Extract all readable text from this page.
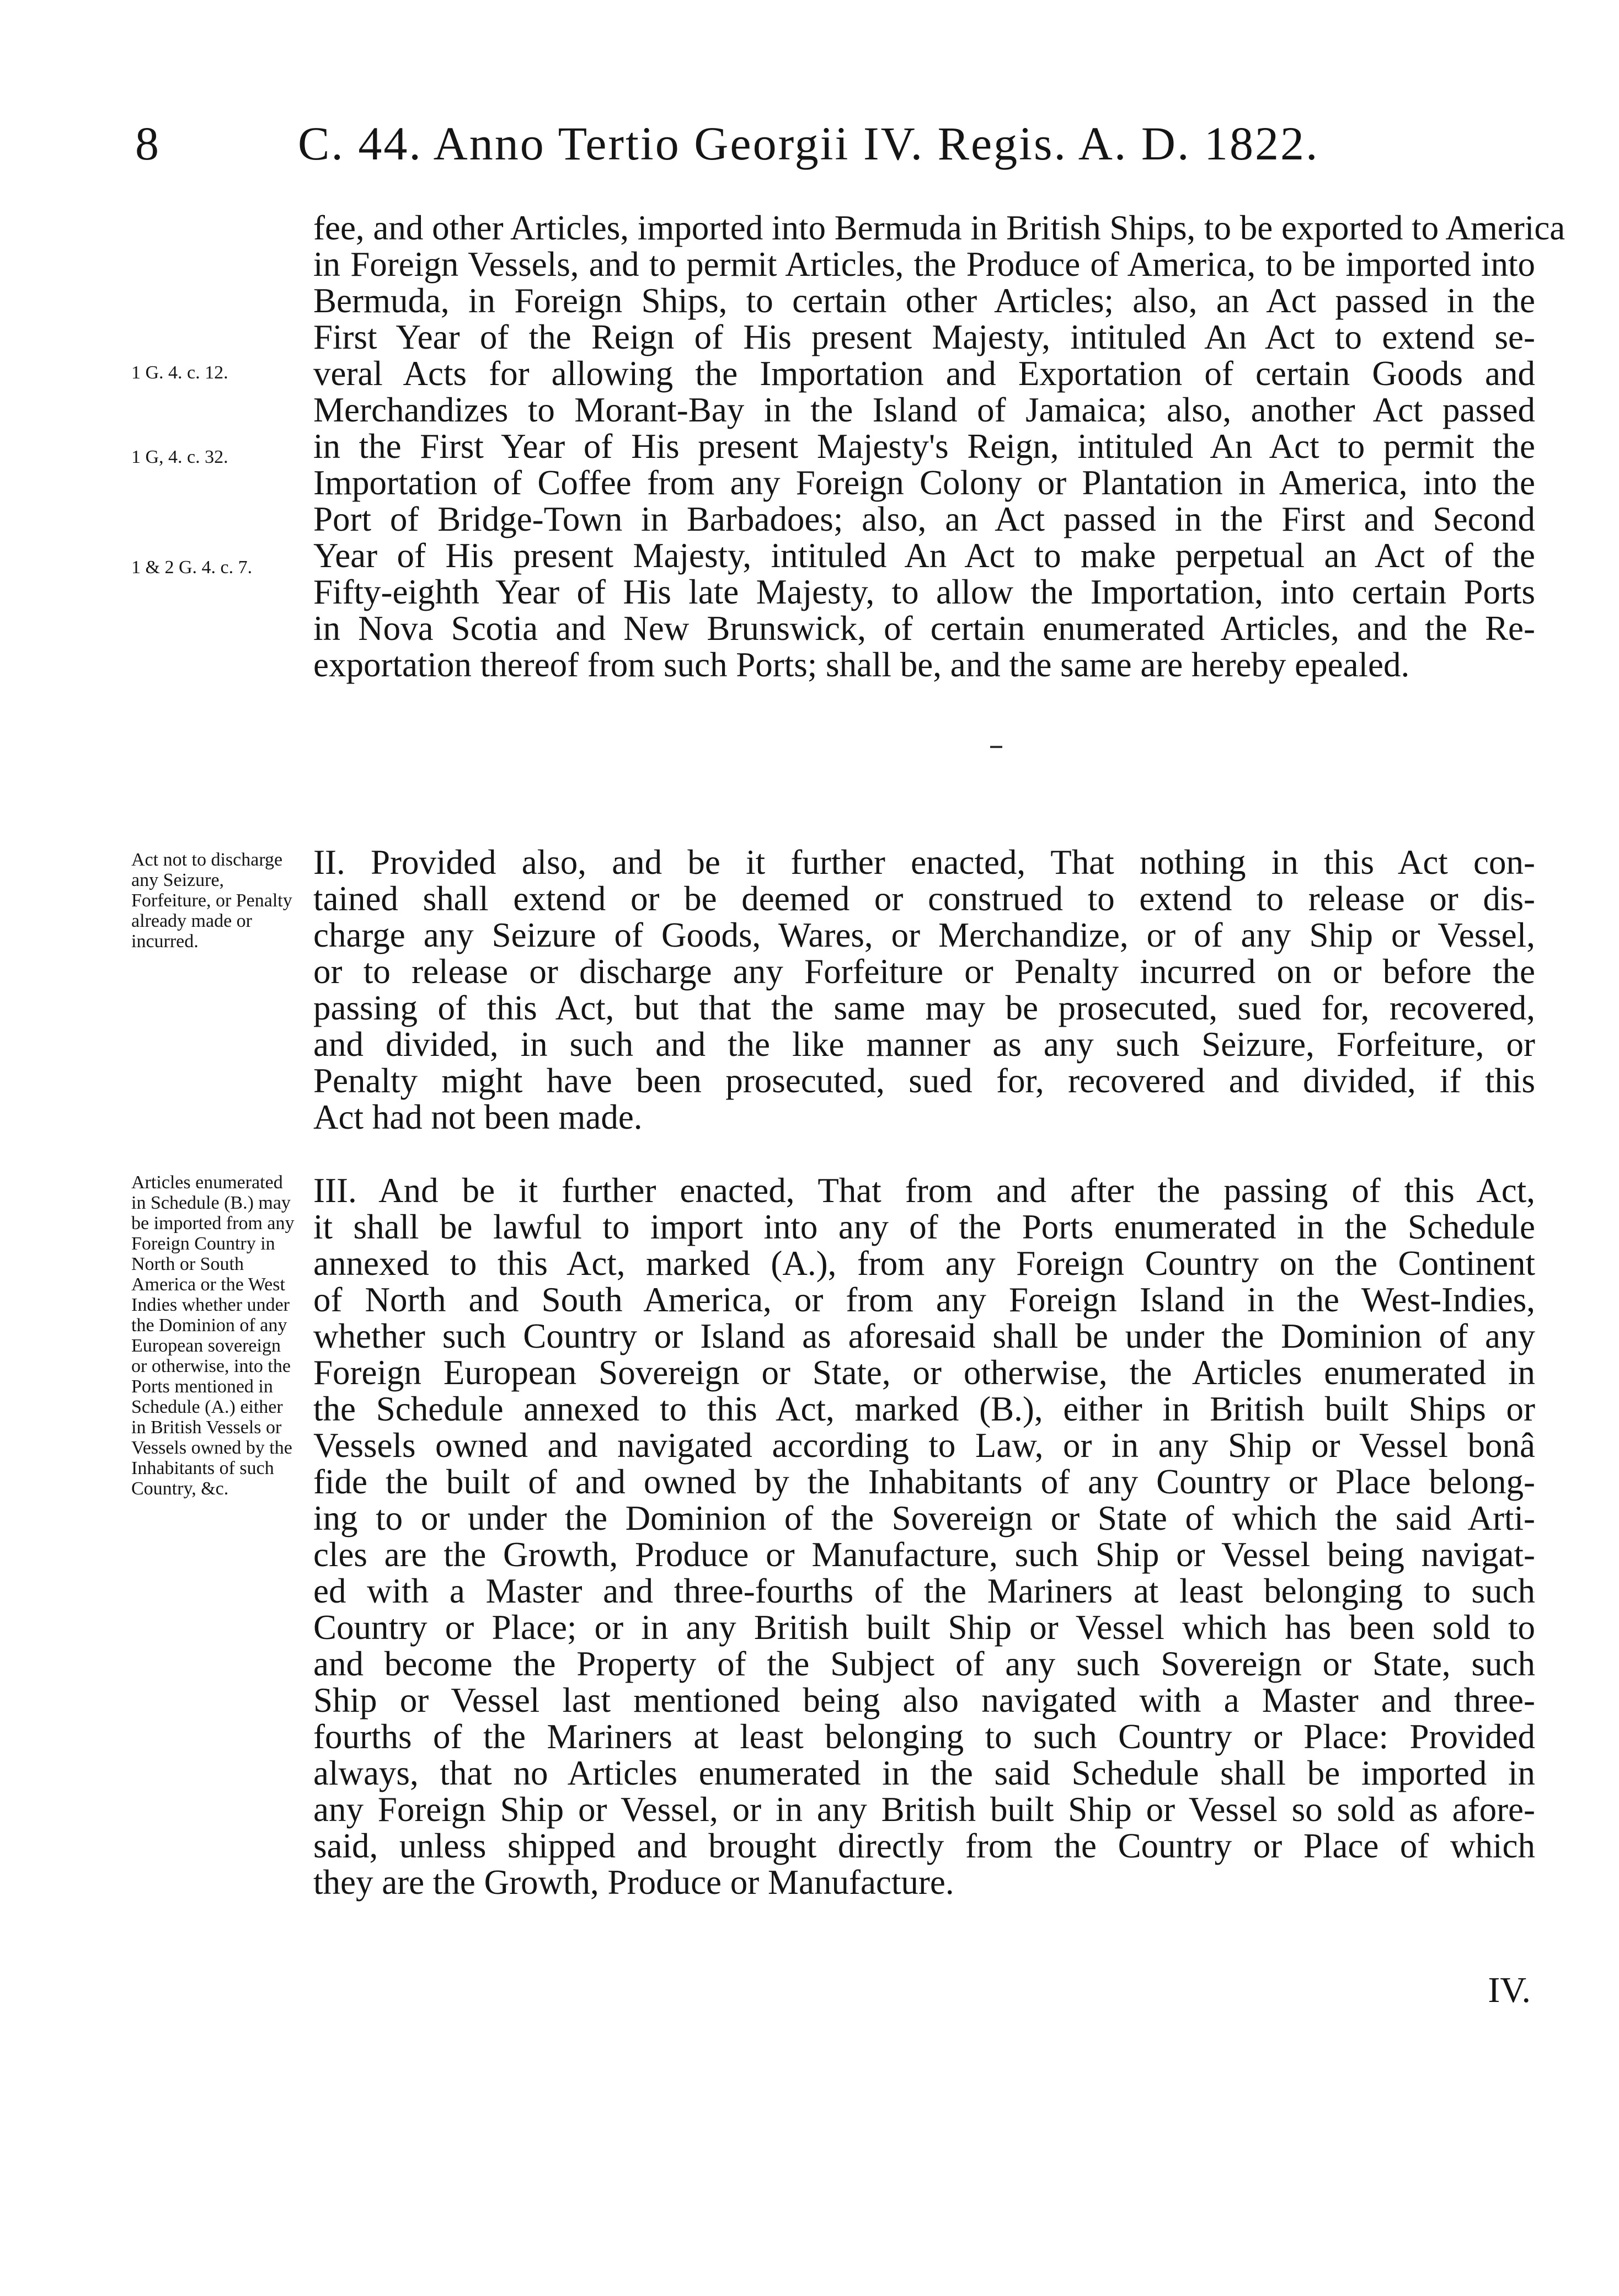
8	C. 44. Anno Tertio Georgii IV. Regis. A. D. 1822.
1 G. 4. c. 12.
1 G, 4. c. 32.
1 & 2 G. 4. c. 7.
fee, and other Articles, imported into Bermuda in British Ships, to be exported to America
in Foreign Vessels, and to permit Articles, the Produce of America, to be imported into
Bermuda, in Foreign Ships, to certain other Articles; also, an Act passed in the
First Year of the Reign of His present Majesty, intituled An Act to extend se-
veral Acts for allowing the Importation and Exportation of certain Goods and
Merchandizes to Morant-Bay in the Island of Jamaica; also, another Act passed
in the First Year of His present Majesty's Reign, intituled An Act to permit the
Importation of Coffee from any Foreign Colony or Plantation in America, into the
Port of Bridge-Town in Barbadoes; also, an Act passed in the First and Second
Year of His present Majesty, intituled An Act to make perpetual an Act of the
Fifty-eighth Year of His late Majesty, to allow the Importation, into certain Ports
in Nova Scotia and New Brunswick, of certain enumerated Articles, and the Re-
exportation thereof from such Ports; shall be, and the same are hereby epealed.
Act not to discharge any Seizure, Forfeiture, or Penalty already made or incurred.
II. Provided also, and be it further enacted, That nothing in this Act con-
tained shall extend or be deemed or construed to extend to release or dis-
charge any Seizure of Goods, Wares, or Merchandize, or of any Ship or Vessel,
or to release or discharge any Forfeiture or Penalty incurred on or before the
passing of this Act, but that the same may be prosecuted, sued for, recovered,
and divided, in such and the like manner as any such Seizure, Forfeiture, or
Penalty might have been prosecuted, sued for, recovered and divided, if this
Act had not been made.
Articles enumerated in Schedule (B.) may be imported from any Foreign Country in North or South America or the West Indies whether under the Dominion of any European sovereign or otherwise, into the Ports mentioned in Schedule (A.) either in British Vessels or Vessels owned by the Inhabitants of such Country, &c.
III. And be it further enacted, That from and after the passing of this Act,
it shall be lawful to import into any of the Ports enumerated in the Schedule
annexed to this Act, marked (A.), from any Foreign Country on the Continent
of North and South America, or from any Foreign Island in the West-Indies,
whether such Country or Island as aforesaid shall be under the Dominion of any
Foreign European Sovereign or State, or otherwise, the Articles enumerated in
the Schedule annexed to this Act, marked (B.), either in British built Ships or
Vessels owned and navigated according to Law, or in any Ship or Vessel bonâ
fide the built of and owned by the Inhabitants of any Country or Place belong-
ing to or under the Dominion of the Sovereign or State of which the said Arti-
cles are the Growth, Produce or Manufacture, such Ship or Vessel being navigat-
ed with a Master and three-fourths of the Mariners at least belonging to such
Country or Place; or in any British built Ship or Vessel which has been sold to
and become the Property of the Subject of any such Sovereign or State, such
Ship or Vessel last mentioned being also navigated with a Master and three-
fourths of the Mariners at least belonging to such Country or Place: Provided
always, that no Articles enumerated in the said Schedule shall be imported in
any Foreign Ship or Vessel, or in any British built Ship or Vessel so sold as afore-
said, unless shipped and brought directly from the Country or Place of which
they are the Growth, Produce or Manufacture.
IV.
